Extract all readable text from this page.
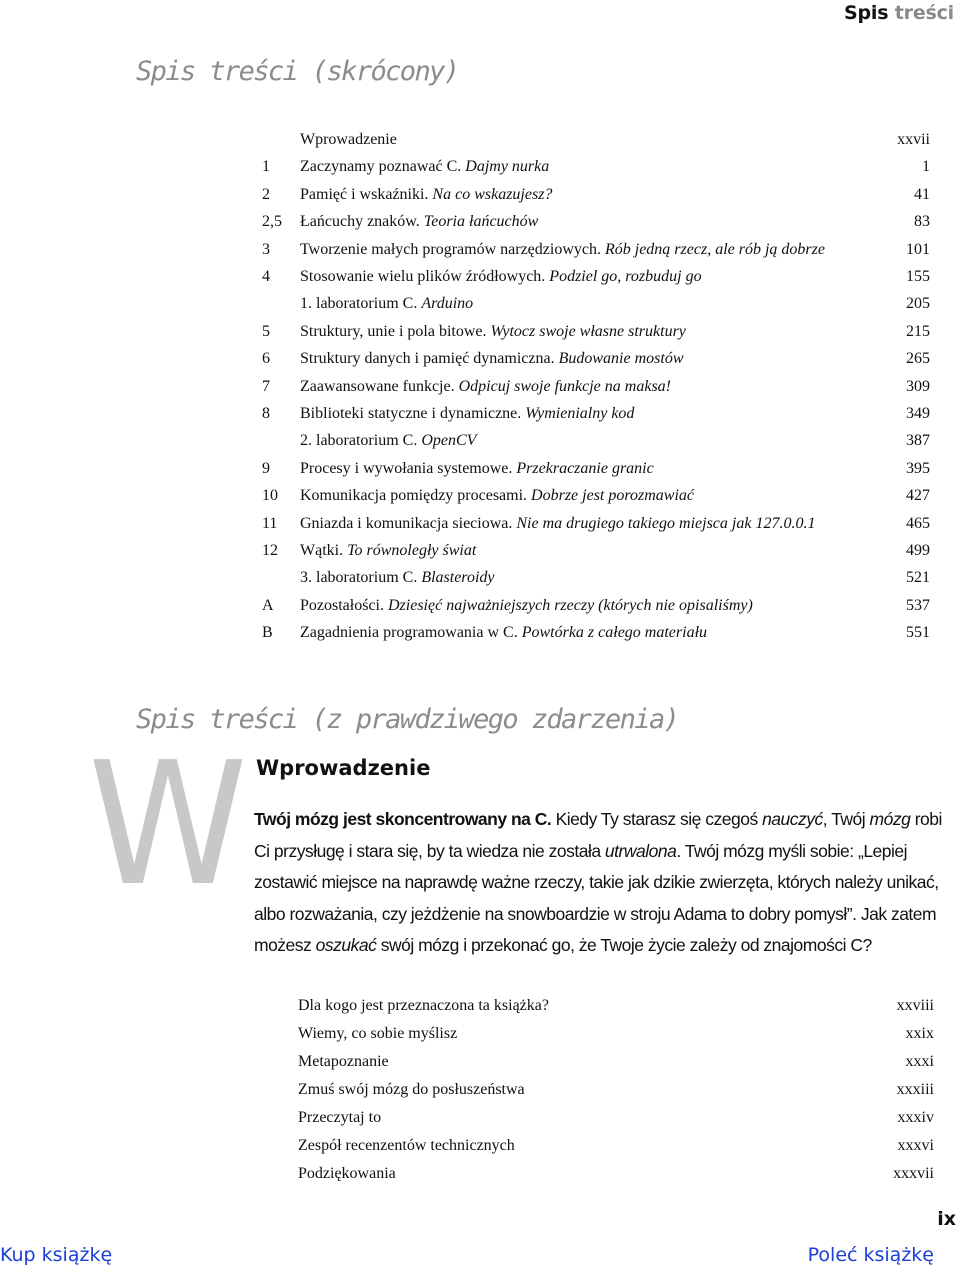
Spis treści
Spis treści (skrócony)
Wprowadzenie	xxvii
1 Zaczynamy poznawać C. Dajmy nurka	1
2 Pamięć i wskaźniki. Na co wskazujesz?	41
2,5 Łańcuchy znaków. Teoria łańcuchów	83
3 Tworzenie małych programów narzędziowych. Rób jedną rzecz, ale rób ją dobrze	101
4 Stosowanie wielu plików źródłowych. Podziel go, rozbuduj go	155
1. laboratorium C. Arduino	205
5 Struktury, unie i pola bitowe. Wytocz swoje własne struktury	215
6 Struktury danych i pamięć dynamiczna. Budowanie mostów	265
7 Zaawansowane funkcje. Odpicuj swoje funkcje na maksa!	309
8 Biblioteki statyczne i dynamiczne. Wymienialny kod	349
2. laboratorium C. OpenCV	387
9 Procesy i wywołania systemowe. Przekraczanie granic	395
10 Komunikacja pomiędzy procesami. Dobrze jest porozmawiać	427
11 Gniazda i komunikacja sieciowa. Nie ma drugiego takiego miejsca jak 127.0.0.1	465
12 Wątki. To równoległy świat	499
3. laboratorium C. Blasteroidy	521
A Pozostałości. Dziesięć najważniejszych rzeczy (których nie opisaliśmy)	537
B Zagadnienia programowania w C. Powtórka z całego materiału	551
Spis treści (z prawdziwego zdarzenia)
W Wprowadzenie

Twój mózg jest skoncentrowany na C. Kiedy Ty starasz się czegoś nauczyć, Twój mózg robi Ci przysługę i stara się, by ta wiedza nie została utrwalona. Twój mózg myśli sobie: „Lepiej zostawić miejsce na naprawdę ważne rzeczy, takie jak dzikie zwierzęta, których należy unikać, albo rozważania, czy jeżdżenie na snowboardzie w stroju Adama to dobry pomysł”. Jak zatem możesz oszukać swój mózg i przekonać go, że Twoje życie zależy od znajomości C?

Dla kogo jest przeznaczona ta książka?	xxviii
Wiemy, co sobie myślisz	xxix
Metapoznanie	xxxi
Zmuś swój mózg do posłuszeństwa	xxxiii
Przeczytaj to	xxxiv
Zespół recenzentów technicznych	xxxvi
Podziękowania	xxxvii
ix
Kup książkę	Poleć książkę
